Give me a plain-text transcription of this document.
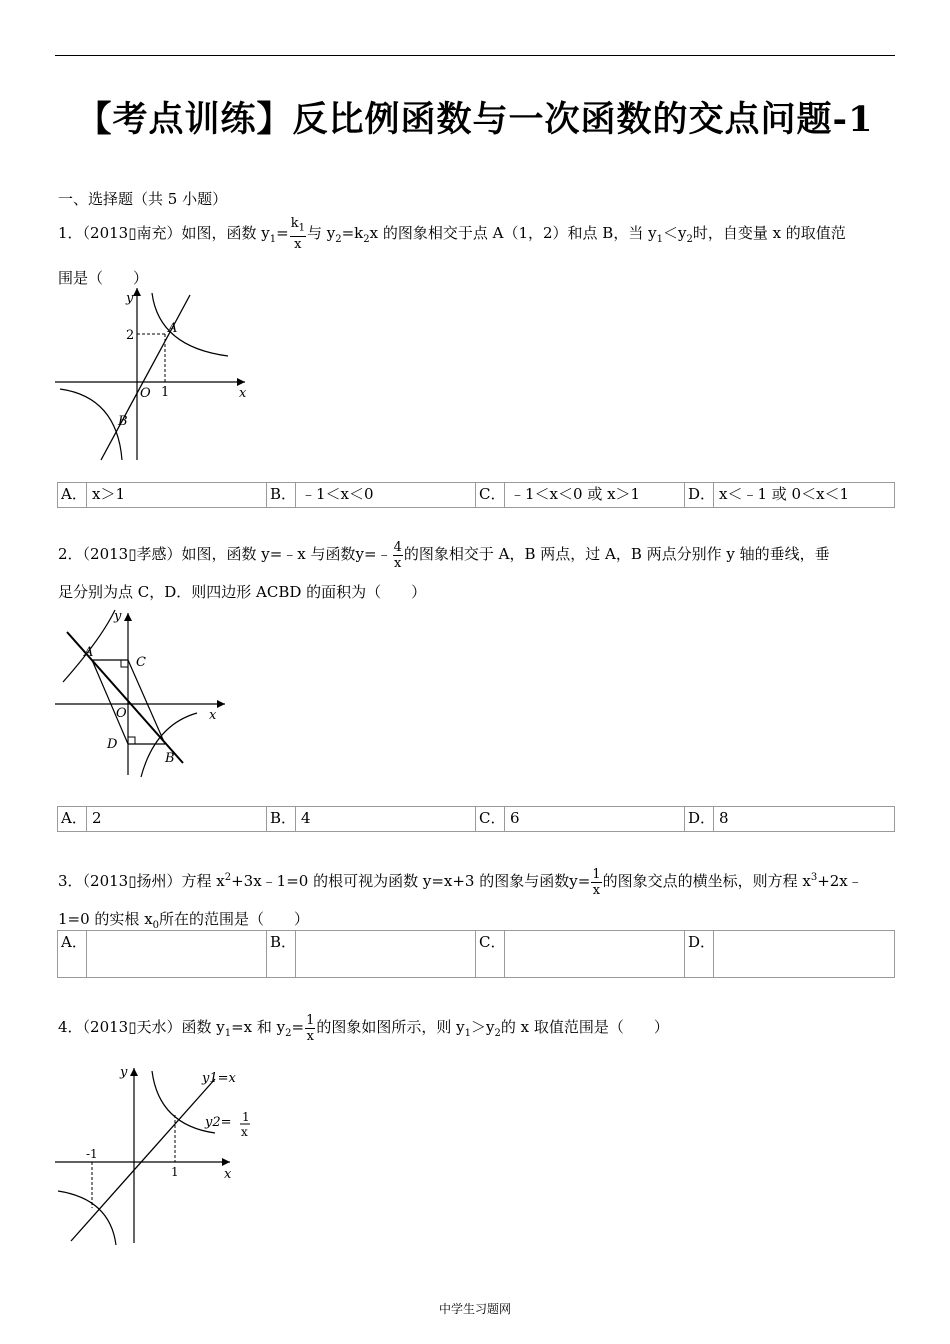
【考点训练】反比例函数与一次函数的交点问题-1
一、选择题（共 5 小题）
1．（2013▯南充）如图，函数 $y_1= \frac{k_1}{x}$ 与 $y_2=k_2x$ 的图象相交于点 A（1，2）和点 B，当 $y_1<y_2$时，自变量 x 的取值范
围是（　　）
y
x
O
A
B
2
1
A． x＞1	B． ﹣1＜x＜0	C． ﹣1＜x＜0 或 x＞1	D． x＜﹣1 或 0＜x＜1
2．（2013▯孝感）如图，函数 y=﹣x 与函数y=﹣ $\frac{4}{x}$ 的图象相交于 A，B 两点，过 A，B 两点分别作 y 轴的垂线，垂
足分别为点 C，D．则四边形 ACBD 的面积为（　　）
y
x
O
A
B
C
D
A． 2	B． 4	C． 6	D． 8
3．（2013▯扬州）方程 $x^2+3x﹣1=0$ 的根可视为函数 y=x+3 的图象与函数$y= \frac{1}{x}$ 的图象交点的横坐标，则方程 $x^3+2x﹣$
1=0 的实根 $x_0$所在的范围是（　　）
A．	B．	C．	D．
4．（2013▯天水）函数 $y_1=x$ 和 $y_2= \frac{1}{x}$ 的图象如图所示，则 $y_1>y_2$的 x 取值范围是（　　）
y
x
y1=x
y2= 1
x
-1
1
中学生习题网
